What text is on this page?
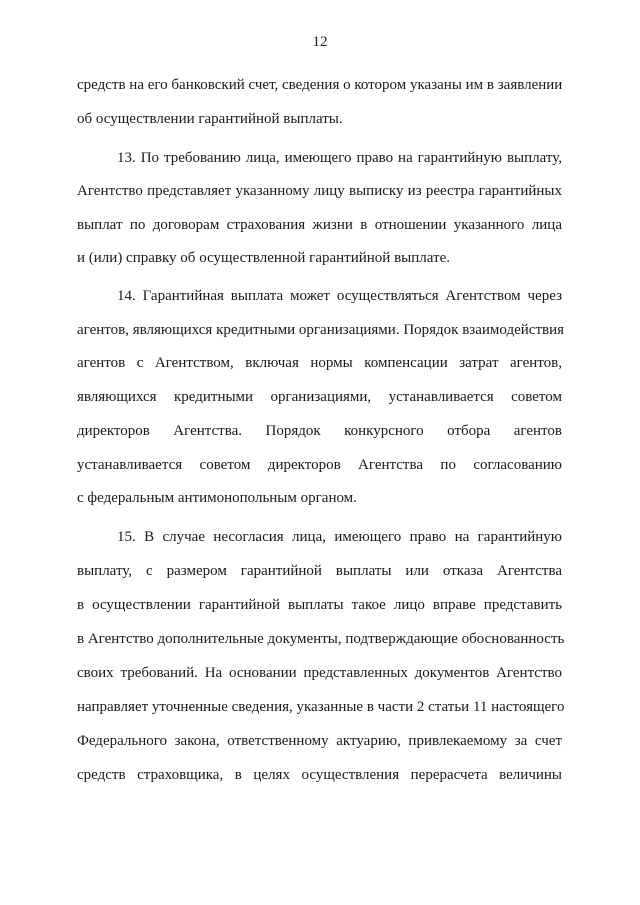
12
средств на его банковский счет, сведения о котором указаны им в заявлении
об осуществлении гарантийной выплаты.
13. По требованию лица, имеющего право на гарантийную выплату,
Агентство представляет указанному лицу выписку из реестра гарантийных
выплат по договорам страхования жизни в отношении указанного лица
и (или) справку об осуществленной гарантийной выплате.
14. Гарантийная выплата может осуществляться Агентством через
агентов, являющихся кредитными организациями. Порядок взаимодействия
агентов с Агентством, включая нормы компенсации затрат агентов,
являющихся кредитными организациями, устанавливается советом
директоров Агентства. Порядок конкурсного отбора агентов
устанавливается советом директоров Агентства по согласованию
с федеральным антимонопольным органом.
15. В случае несогласия лица, имеющего право на гарантийную
выплату, с размером гарантийной выплаты или отказа Агентства
в осуществлении гарантийной выплаты такое лицо вправе представить
в Агентство дополнительные документы, подтверждающие обоснованность
своих требований. На основании представленных документов Агентство
направляет уточненные сведения, указанные в части 2 статьи 11 настоящего
Федерального закона, ответственному актуарию, привлекаемому за счет
средств страховщика, в целях осуществления перерасчета величины
